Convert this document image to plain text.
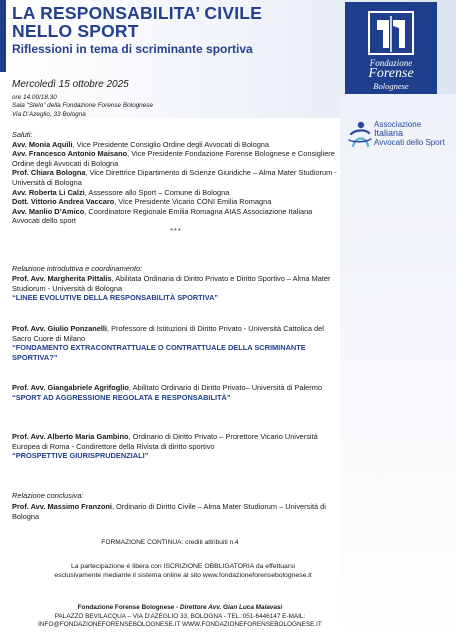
LA RESPONSABILITA’ CIVILE
NELLO SPORT
Riflessioni in tema di scriminante sportiva
Fondazione
Forense
Bolognese
Associazione
Italiana
Avvocati dello Sport
Mercoledì 15 ottobre 2025
ore 14.00/18.30
Sala “Stelo” della Fondazione Forense Bolognese
Via D’Azeglio, 33 Bologna
Saluti:
Avv. Monia Aquili, Vice Presidente Consiglio Ordine degli Avvocati di Bologna
Avv. Francesco Antonio Maisano, Vice Presidente Fondazione Forense Bolognese e Consigliere Ordine degli Avvocati di Bologna
Prof. Chiara Bologna, Vice Direttrice Dipartimento di Scienze Giuridiche – Alma Mater Studiorum - Università di Bologna
Avv. Roberta Li Calzi, Assessore allo Sport – Comune di Bologna
Dott. Vittorio Andrea Vaccaro, Vice Presidente Vicario CONI Emilia Romagna
Avv. Manlio D’Amico, Coordinatore Regionale Emilia Romagna AIAS Associazione Italiana Avvocati dello sport
***
Relazione introduttiva e coordinamento:
Prof. Avv. Margherita Pittalis, Abilitata Ordinaria di Diritto Privato e Diritto Sportivo – Alma Mater Studiorum - Università di Bologna
“LINEE EVOLUTIVE DELLA RESPONSABILITÀ SPORTIVA”
Prof. Avv. Giulio Ponzanelli, Professore di Istituzioni di Diritto Privato - Università Cattolica del Sacro Cuore di Milano
“FONDAMENTO EXTRACONTRATTUALE O CONTRATTUALE DELLA SCRIMINANTE SPORTIVA?”
Prof. Avv. Giangabriele Agrifoglio, Abilitato Ordinario di Diritto Privato– Università di Palermo
“SPORT AD AGGRESSIONE REGOLATA E RESPONSABILITÀ”
Prof. Avv. Alberto Maria Gambino, Ordinario di Diritto Privato – Prorettore Vicario Università Europea di Roma - Condirettore della Rivista di diritto sportivo
“PROSPETTIVE GIURISPRUDENZIALI”
Relazione conclusiva:
Prof. Avv. Massimo Franzoni, Ordinario di Diritto Civile – Alma Mater Studiorum – Università di Bologna
FORMAZIONE CONTINUA: crediti attribuiti n.4
La partecipazione è libera con ISCRIZIONE OBBLIGATORIA da effettuarsi
esclusivamente mediante il sistema online al sito www.fondazioneforensebolognese.it
Fondazione Forense Bolognese - Direttore Avv. Gian Luca Malavasi
PALAZZO BEVILACQUA – VIA D’AZEGLIO 33, BOLOGNA - TEL.:051-6446147 E-MAIL:
INFO@FONDAZIONEFORENSEBOLOGNESE.IT WWW.FONDAZIONEFORENSEBOLOGNESE.IT
